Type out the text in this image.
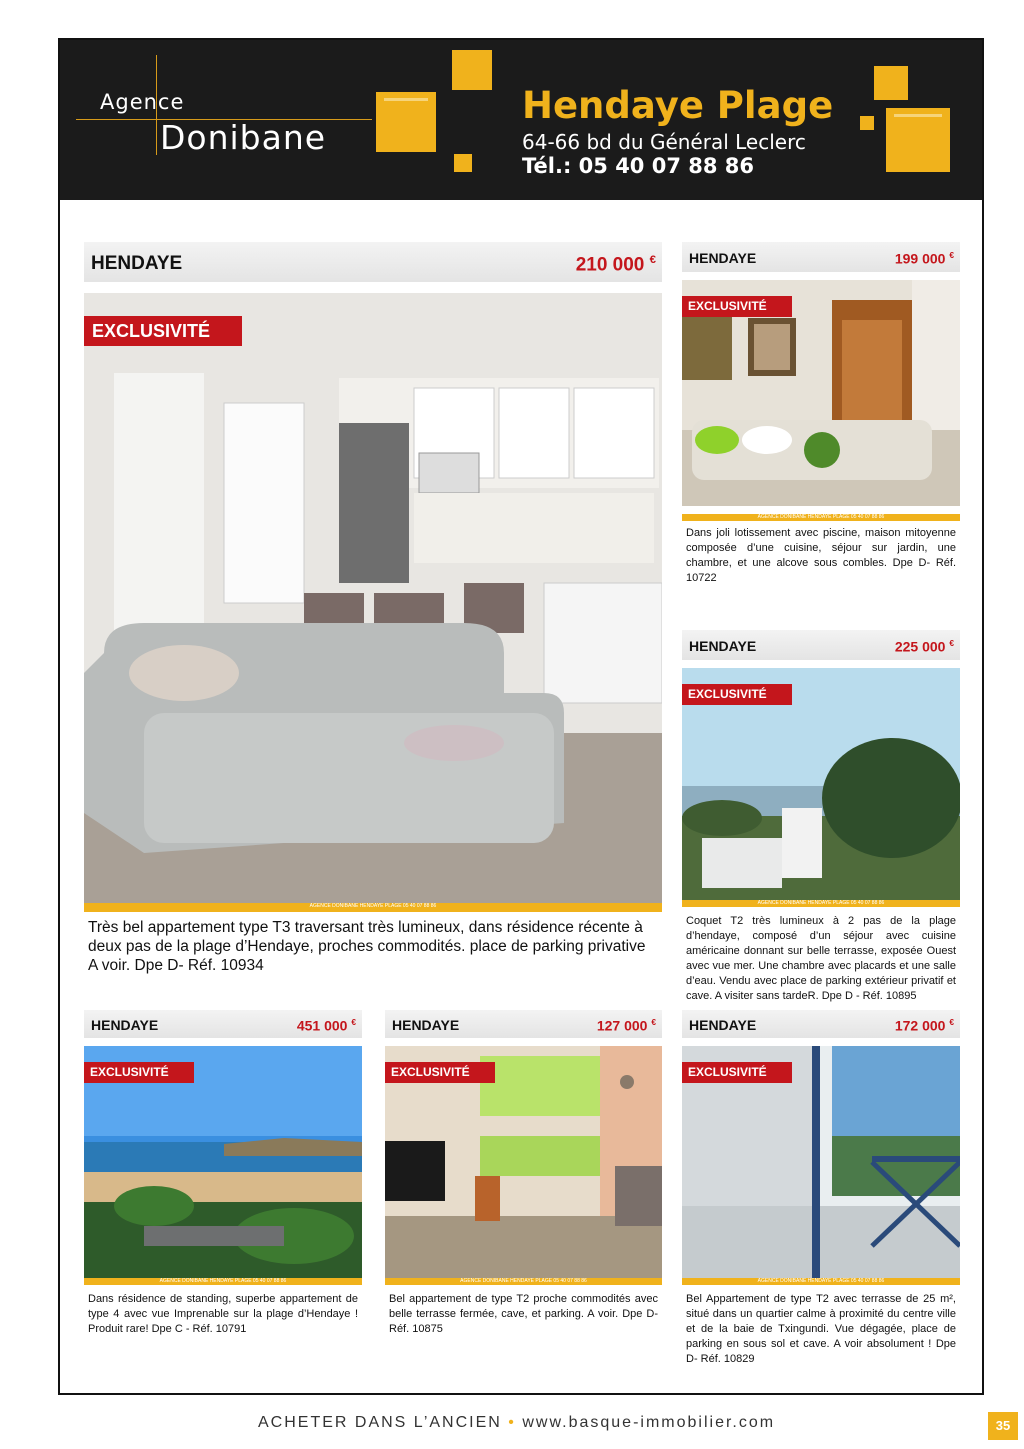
Agence
Donibane
Hendaye Plage
64-66 bd du Général Leclerc
Tél.: 05 40 07 88 86
HENDAYE	210 000 €
EXCLUSIVITÉ
AGENCE DONIBANE HENDAYE PLAGE 05 40 07 88 86
Très bel appartement type T3 traversant très lumineux, dans résidence récente à deux pas de la plage d’Hendaye, proches commodités. place de parking privative A voir. Dpe D- Réf. 10934
HENDAYE	199 000 €
EXCLUSIVITÉ
AGENCE DONIBANE HENDAYE PLAGE 05 40 07 88 86
Dans joli lotissement avec piscine, maison mitoyenne composée d’une cuisine, séjour sur jardin, une chambre, et une alcove sous combles. Dpe D- Réf. 10722
HENDAYE	225 000 €
EXCLUSIVITÉ
AGENCE DONIBANE HENDAYE PLAGE 05 40 07 88 86
Coquet T2 très lumineux à 2 pas de la plage d’hendaye, composé d’un séjour avec cuisine américaine donnant sur belle terrasse, exposée Ouest avec vue mer. Une chambre avec placards et une salle d’eau. Vendu avec place de parking extérieur privatif et cave. A visiter sans tardeR. Dpe D - Réf. 10895
HENDAYE	451 000 €
EXCLUSIVITÉ
AGENCE DONIBANE HENDAYE PLAGE 05 40 07 88 86
Dans résidence de standing, superbe appartement de type 4 avec vue Imprenable sur la plage d’Hendaye ! Produit rare! Dpe C - Réf. 10791
HENDAYE	127 000 €
EXCLUSIVITÉ
AGENCE DONIBANE HENDAYE PLAGE 05 40 07 88 86
Bel appartement de type T2 proche commodités avec belle terrasse fermée, cave, et parking. A voir. Dpe D- Réf. 10875
HENDAYE	172 000 €
EXCLUSIVITÉ
AGENCE DONIBANE HENDAYE PLAGE 05 40 07 88 86
Bel Appartement de type T2 avec terrasse de 25 m², situé dans un quartier calme à proximité du centre ville et de la baie de Txingundi. Vue dégagée, place de parking en sous sol et cave. A voir absolument ! Dpe D- Réf. 10829
ACHETER DANS L’ANCIEN • www.basque-immobilier.com	35
